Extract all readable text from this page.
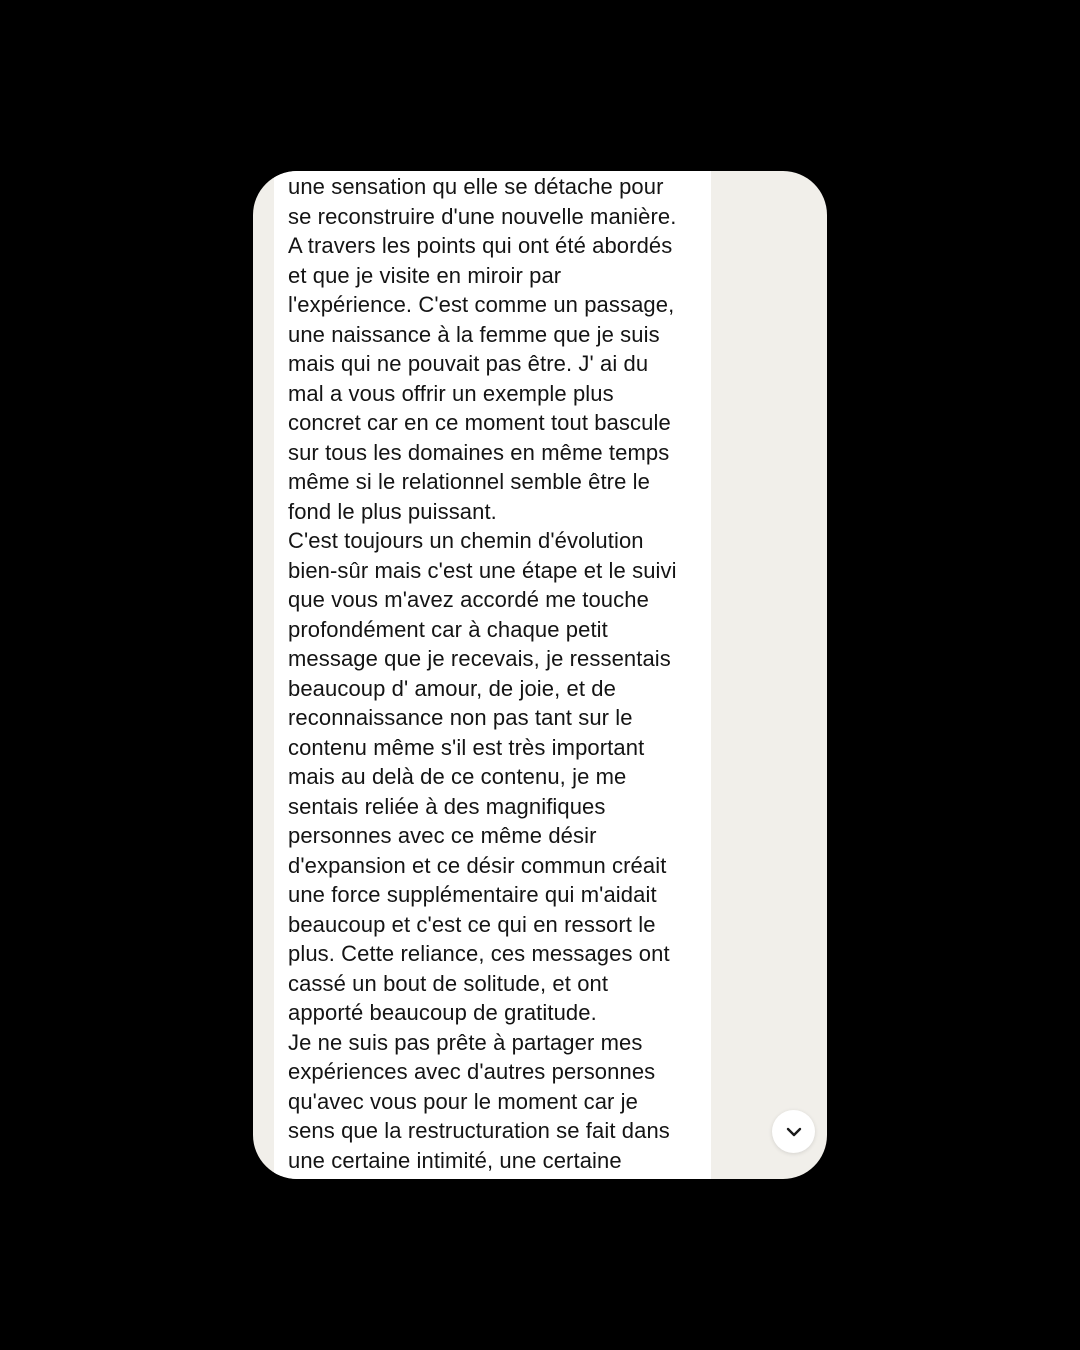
une sensation qu elle se détache pour
se reconstruire d'une nouvelle manière.
A travers les points qui ont été abordés
et que je visite en miroir par
l'expérience. C'est comme un passage,
une naissance à la femme que je suis
mais qui ne pouvait pas être. J' ai du
mal a vous offrir un exemple plus
concret car en ce moment tout bascule
sur tous les domaines en même temps
même si le relationnel semble être le
fond le plus puissant.
C'est toujours un chemin d'évolution
bien-sûr mais c'est une étape et le suivi
que vous m'avez accordé me touche
profondément car à chaque petit
message que je recevais, je ressentais
beaucoup d' amour, de joie, et de
reconnaissance non pas tant sur le
contenu même s'il est très important
mais au delà de ce contenu, je me
sentais reliée à des magnifiques
personnes avec ce même désir
d'expansion et ce désir commun créait
une force supplémentaire qui m'aidait
beaucoup et c'est ce qui en ressort le
plus. Cette reliance, ces messages ont
cassé un bout de solitude, et ont
apporté beaucoup de gratitude.
Je ne suis pas prête à partager mes
expériences avec d'autres personnes
qu'avec vous pour le moment car je
sens que la restructuration se fait dans
une certaine intimité, une certaine
